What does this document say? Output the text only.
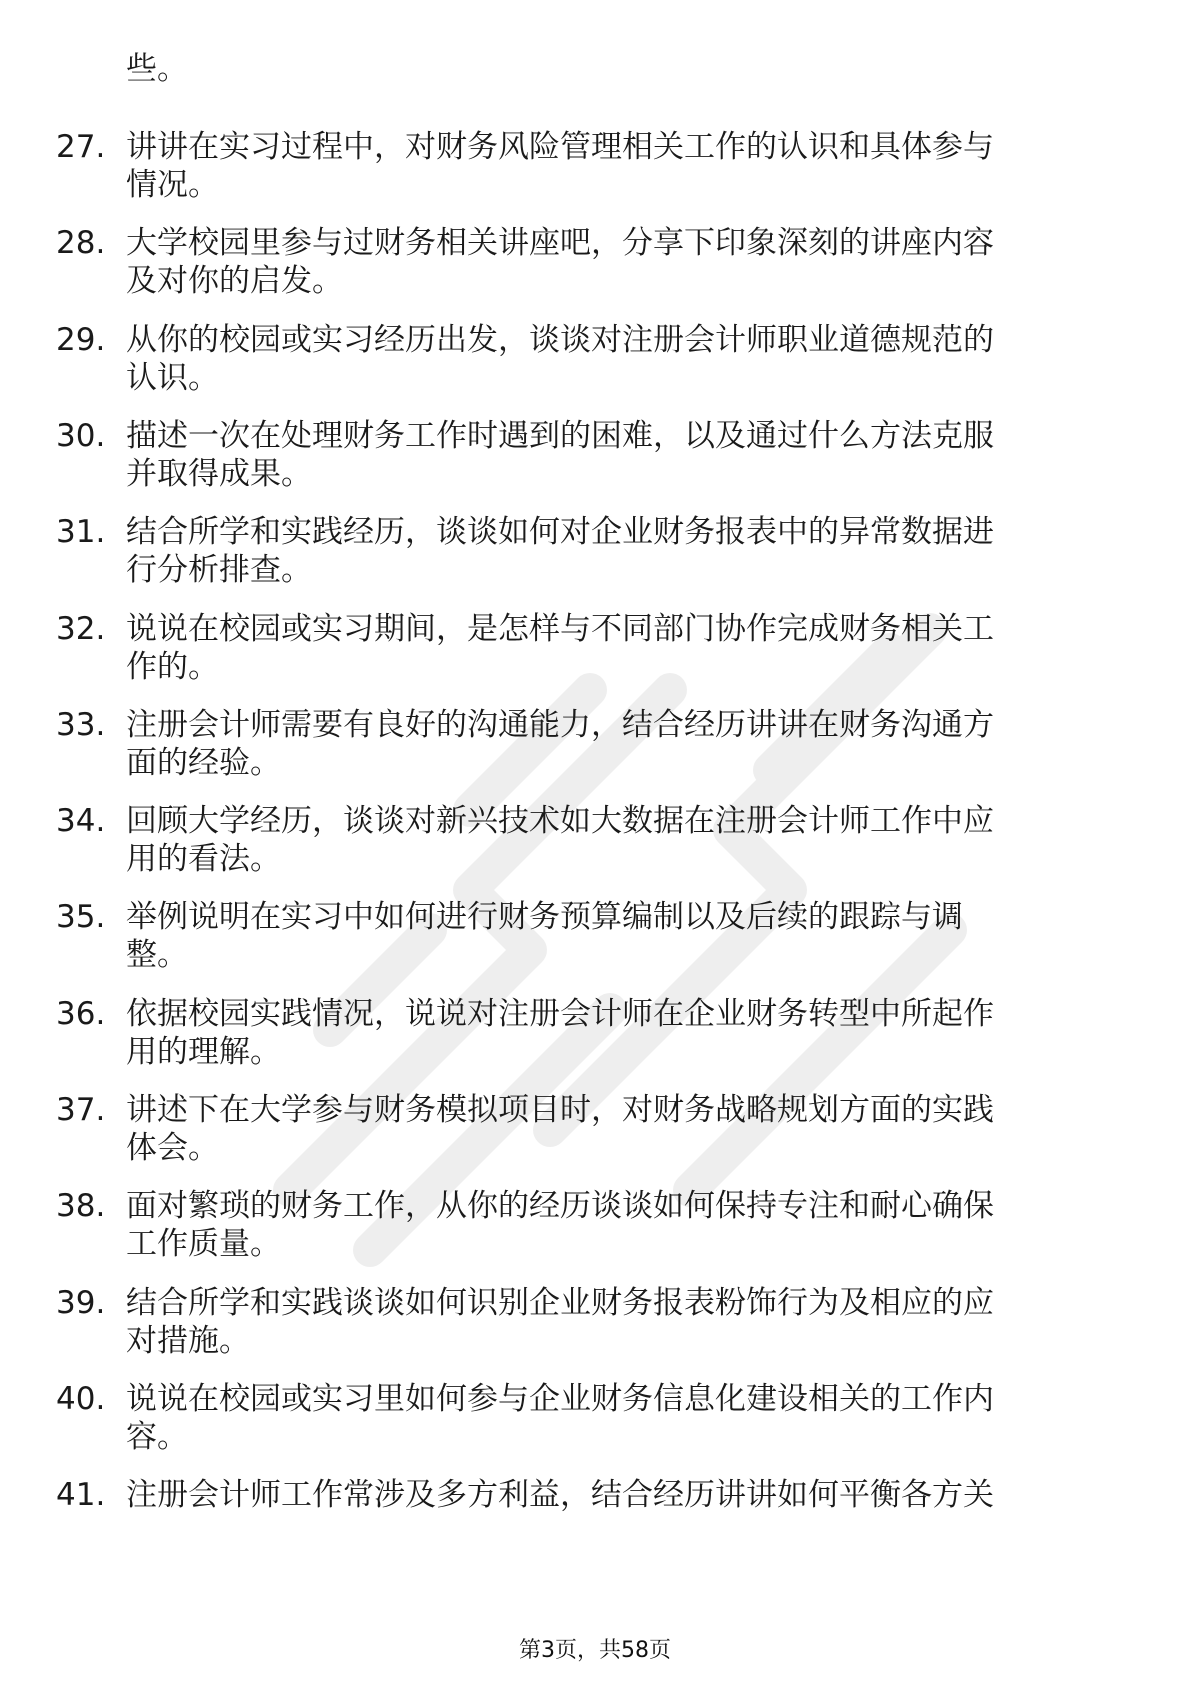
些。
27. 讲讲在实习过程中，对财务风险管理相关工作的认识和具体参与
情况。
28. 大学校园里参与过财务相关讲座吧，分享下印象深刻的讲座内容
及对你的启发。
29. 从你的校园或实习经历出发，谈谈对注册会计师职业道德规范的
认识。
30. 描述一次在处理财务工作时遇到的困难，以及通过什么方法克服
并取得成果。
31. 结合所学和实践经历，谈谈如何对企业财务报表中的异常数据进
行分析排查。
32. 说说在校园或实习期间，是怎样与不同部门协作完成财务相关工
作的。
33. 注册会计师需要有良好的沟通能力，结合经历讲讲在财务沟通方
面的经验。
34. 回顾大学经历，谈谈对新兴技术如大数据在注册会计师工作中应
用的看法。
35. 举例说明在实习中如何进行财务预算编制以及后续的跟踪与调
整。
36. 依据校园实践情况，说说对注册会计师在企业财务转型中所起作
用的理解。
37. 讲述下在大学参与财务模拟项目时，对财务战略规划方面的实践
体会。
38. 面对繁琐的财务工作，从你的经历谈谈如何保持专注和耐心确保
工作质量。
39. 结合所学和实践谈谈如何识别企业财务报表粉饰行为及相应的应
对措施。
40. 说说在校园或实习里如何参与企业财务信息化建设相关的工作内
容。
41. 注册会计师工作常涉及多方利益，结合经历讲讲如何平衡各方关
第3页，共58页
